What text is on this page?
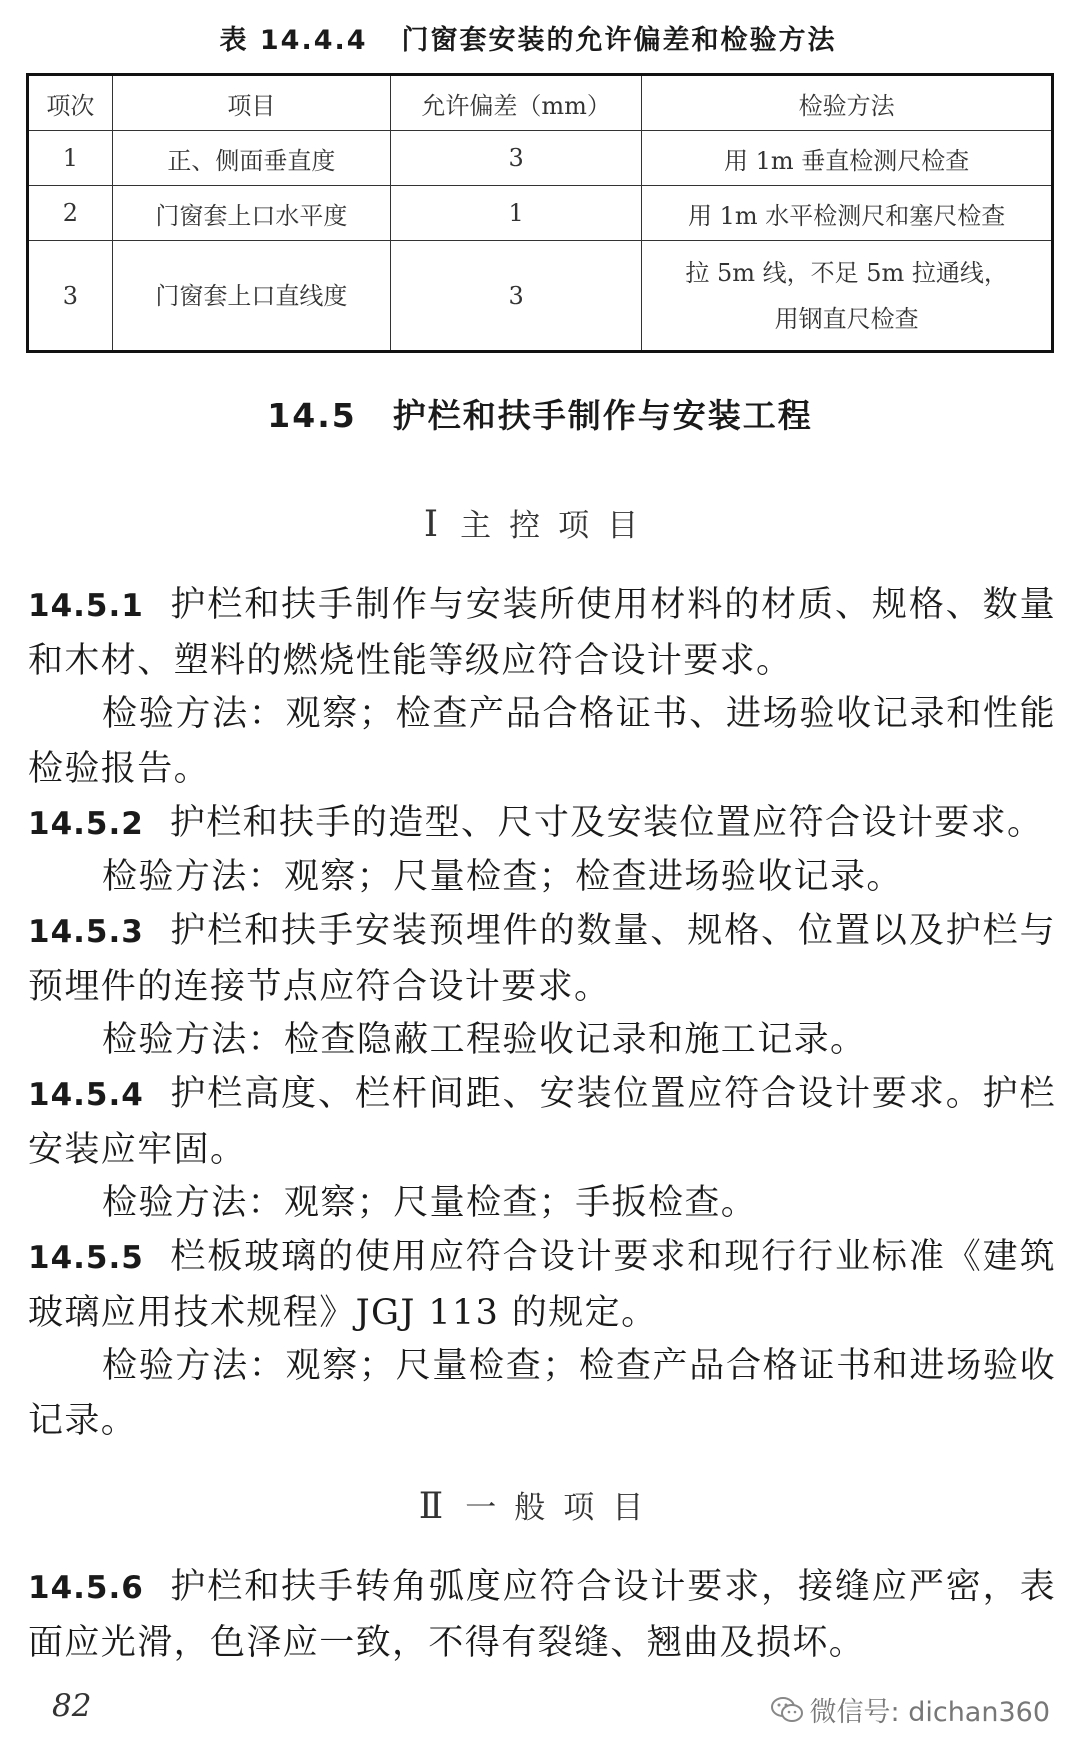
表 14.4.4 门窗套安装的允许偏差和检验方法
项次	项目	允许偏差（mm）	检验方法
1	正、侧面垂直度	3	用 1m 垂直检测尺检查
2	门窗套上口水平度	1	用 1m 水平检测尺和塞尺检查
3	门窗套上口直线度	3	拉 5m 线，不足 5m 拉通线，
用钢直尺检查
14.5 护栏和扶手制作与安装工程
Ⅰ 主控项目
14.5.1 护栏和扶手制作与安装所使用材料的材质、规格、数量和木材、塑料的燃烧性能等级应符合设计要求。
检验方法：观察；检查产品合格证书、进场验收记录和性能检验报告。
14.5.2 护栏和扶手的造型、尺寸及安装位置应符合设计要求。
检验方法：观察；尺量检查；检查进场验收记录。
14.5.3 护栏和扶手安装预埋件的数量、规格、位置以及护栏与预埋件的连接节点应符合设计要求。
检验方法：检查隐蔽工程验收记录和施工记录。
14.5.4 护栏高度、栏杆间距、安装位置应符合设计要求。护栏安装应牢固。
检验方法：观察；尺量检查；手扳检查。
14.5.5 栏板玻璃的使用应符合设计要求和现行行业标准《建筑玻璃应用技术规程》JGJ 113 的规定。
检验方法：观察；尺量检查；检查产品合格证书和进场验收记录。
Ⅱ 一般项目
14.5.6 护栏和扶手转角弧度应符合设计要求，接缝应严密，表面应光滑，色泽应一致，不得有裂缝、翘曲及损坏。
82	微信号: dichan360
